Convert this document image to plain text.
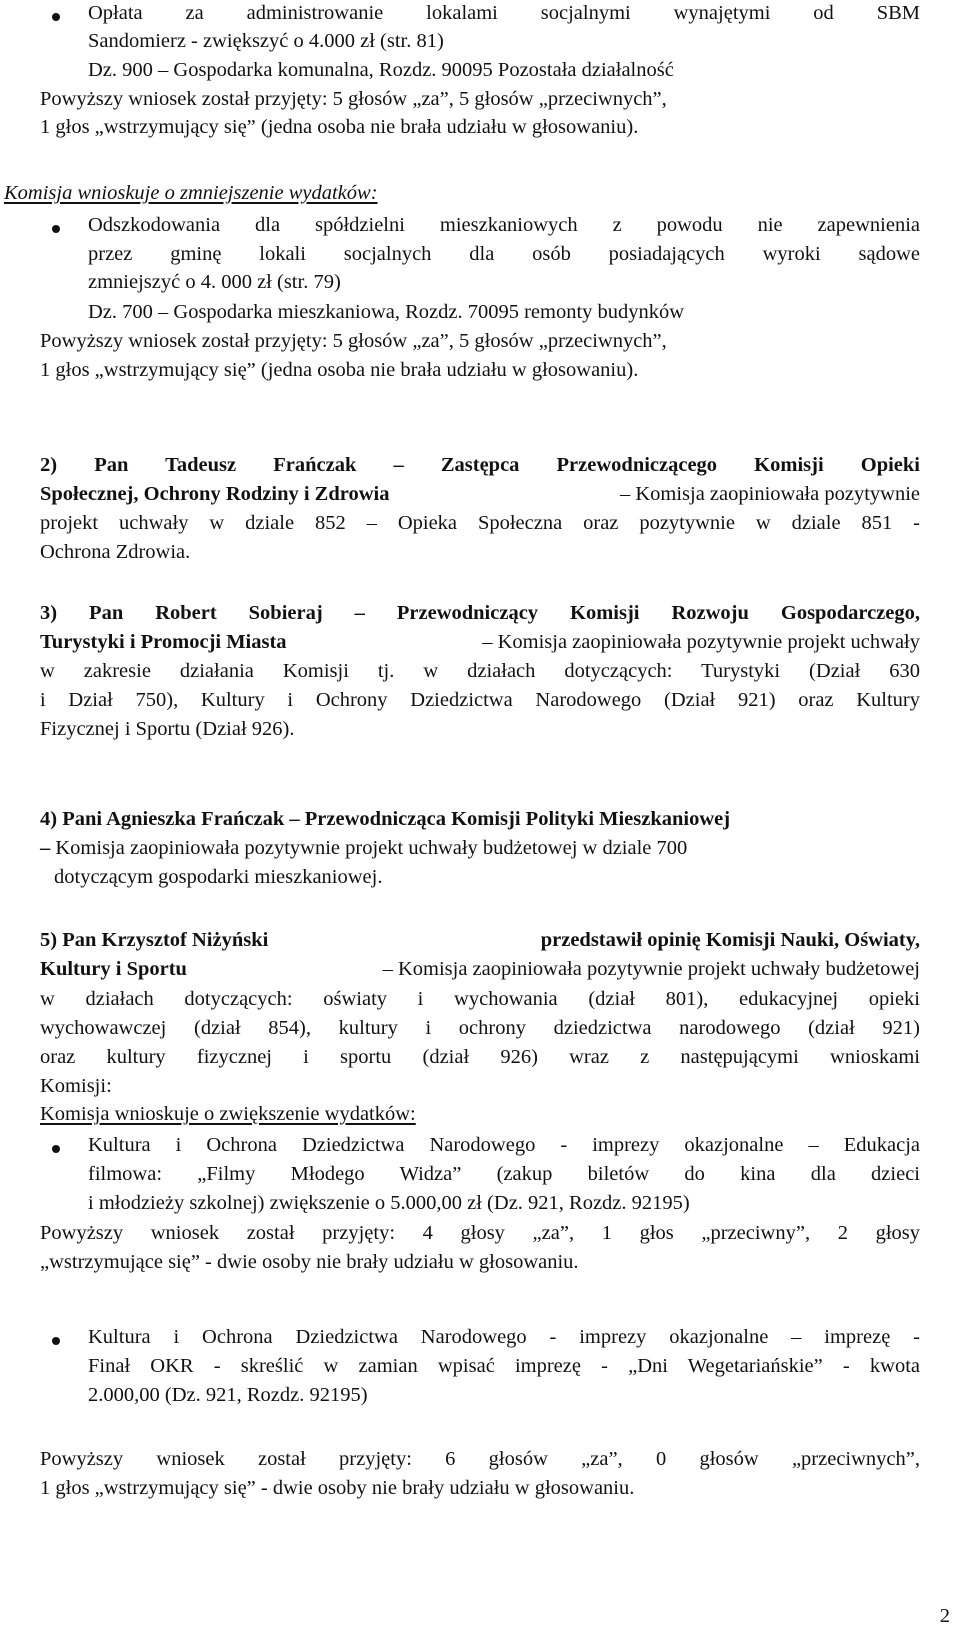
Opłata za administrowanie lokalami socjalnymi wynajętymi od SBM
Sandomierz - zwiększyć o 4.000 zł (str. 81)
Dz. 900 – Gospodarka komunalna, Rozdz. 90095 Pozostała działalność
Powyższy wniosek został przyjęty: 5 głosów „za”, 5 głosów „przeciwnych”,
1 głos „wstrzymujący się” (jedna osoba nie brała udziału w głosowaniu).
Komisja wnioskuje o zmniejszenie wydatków:
Odszkodowania dla spółdzielni mieszkaniowych z powodu nie zapewnienia
przez gminę lokali socjalnych dla osób posiadających wyroki sądowe
zmniejszyć o 4. 000 zł (str. 79)
Dz. 700 – Gospodarka mieszkaniowa, Rozdz. 70095 remonty budynków
Powyższy wniosek został przyjęty: 5 głosów „za”, 5 głosów „przeciwnych”,
1 głos „wstrzymujący się” (jedna osoba nie brała udziału w głosowaniu).
2) Pan Tadeusz Frańczak – Zastępca Przewodniczącego Komisji Opieki
Społecznej, Ochrony Rodziny i Zdrowia	– Komisja zaopiniowała pozytywnie
projekt uchwały w dziale 852 – Opieka Społeczna oraz pozytywnie w dziale 851 -
Ochrona Zdrowia.
3) Pan Robert Sobieraj – Przewodniczący Komisji Rozwoju Gospodarczego,
Turystyki i Promocji Miasta	– Komisja zaopiniowała pozytywnie projekt uchwały
w zakresie działania Komisji tj. w działach dotyczących: Turystyki (Dział 630
i Dział 750), Kultury i Ochrony Dziedzictwa Narodowego (Dział 921) oraz Kultury
Fizycznej i Sportu (Dział 926).
4) Pani Agnieszka Frańczak – Przewodnicząca Komisji Polityki Mieszkaniowej
– Komisja zaopiniowała pozytywnie projekt uchwały budżetowej w dziale 700
dotyczącym gospodarki mieszkaniowej.
5) Pan Krzysztof Niżyński	przedstawił opinię Komisji Nauki, Oświaty,
Kultury i Sportu	– Komisja zaopiniowała pozytywnie projekt uchwały budżetowej
w działach dotyczących: oświaty i wychowania (dział 801), edukacyjnej opieki
wychowawczej (dział 854), kultury i ochrony dziedzictwa narodowego (dział 921)
oraz kultury fizycznej i sportu (dział 926) wraz z następującymi wnioskami
Komisji:
Komisja wnioskuje o zwiększenie wydatków:
Kultura i Ochrona Dziedzictwa Narodowego - imprezy okazjonalne – Edukacja
filmowa: „Filmy Młodego Widza” (zakup biletów do kina dla dzieci
i młodzieży szkolnej) zwiększenie o 5.000,00 zł (Dz. 921, Rozdz. 92195)
Powyższy wniosek został przyjęty: 4 głosy „za”, 1 głos „przeciwny”, 2 głosy
„wstrzymujące się” - dwie osoby nie brały udziału w głosowaniu.
Kultura i Ochrona Dziedzictwa Narodowego - imprezy okazjonalne – imprezę -
Finał OKR - skreślić w zamian wpisać imprezę - „Dni Wegetariańskie” - kwota
2.000,00 (Dz. 921, Rozdz. 92195)
Powyższy wniosek został przyjęty: 6 głosów „za”, 0 głosów „przeciwnych”,
1 głos „wstrzymujący się” - dwie osoby nie brały udziału w głosowaniu.
2
